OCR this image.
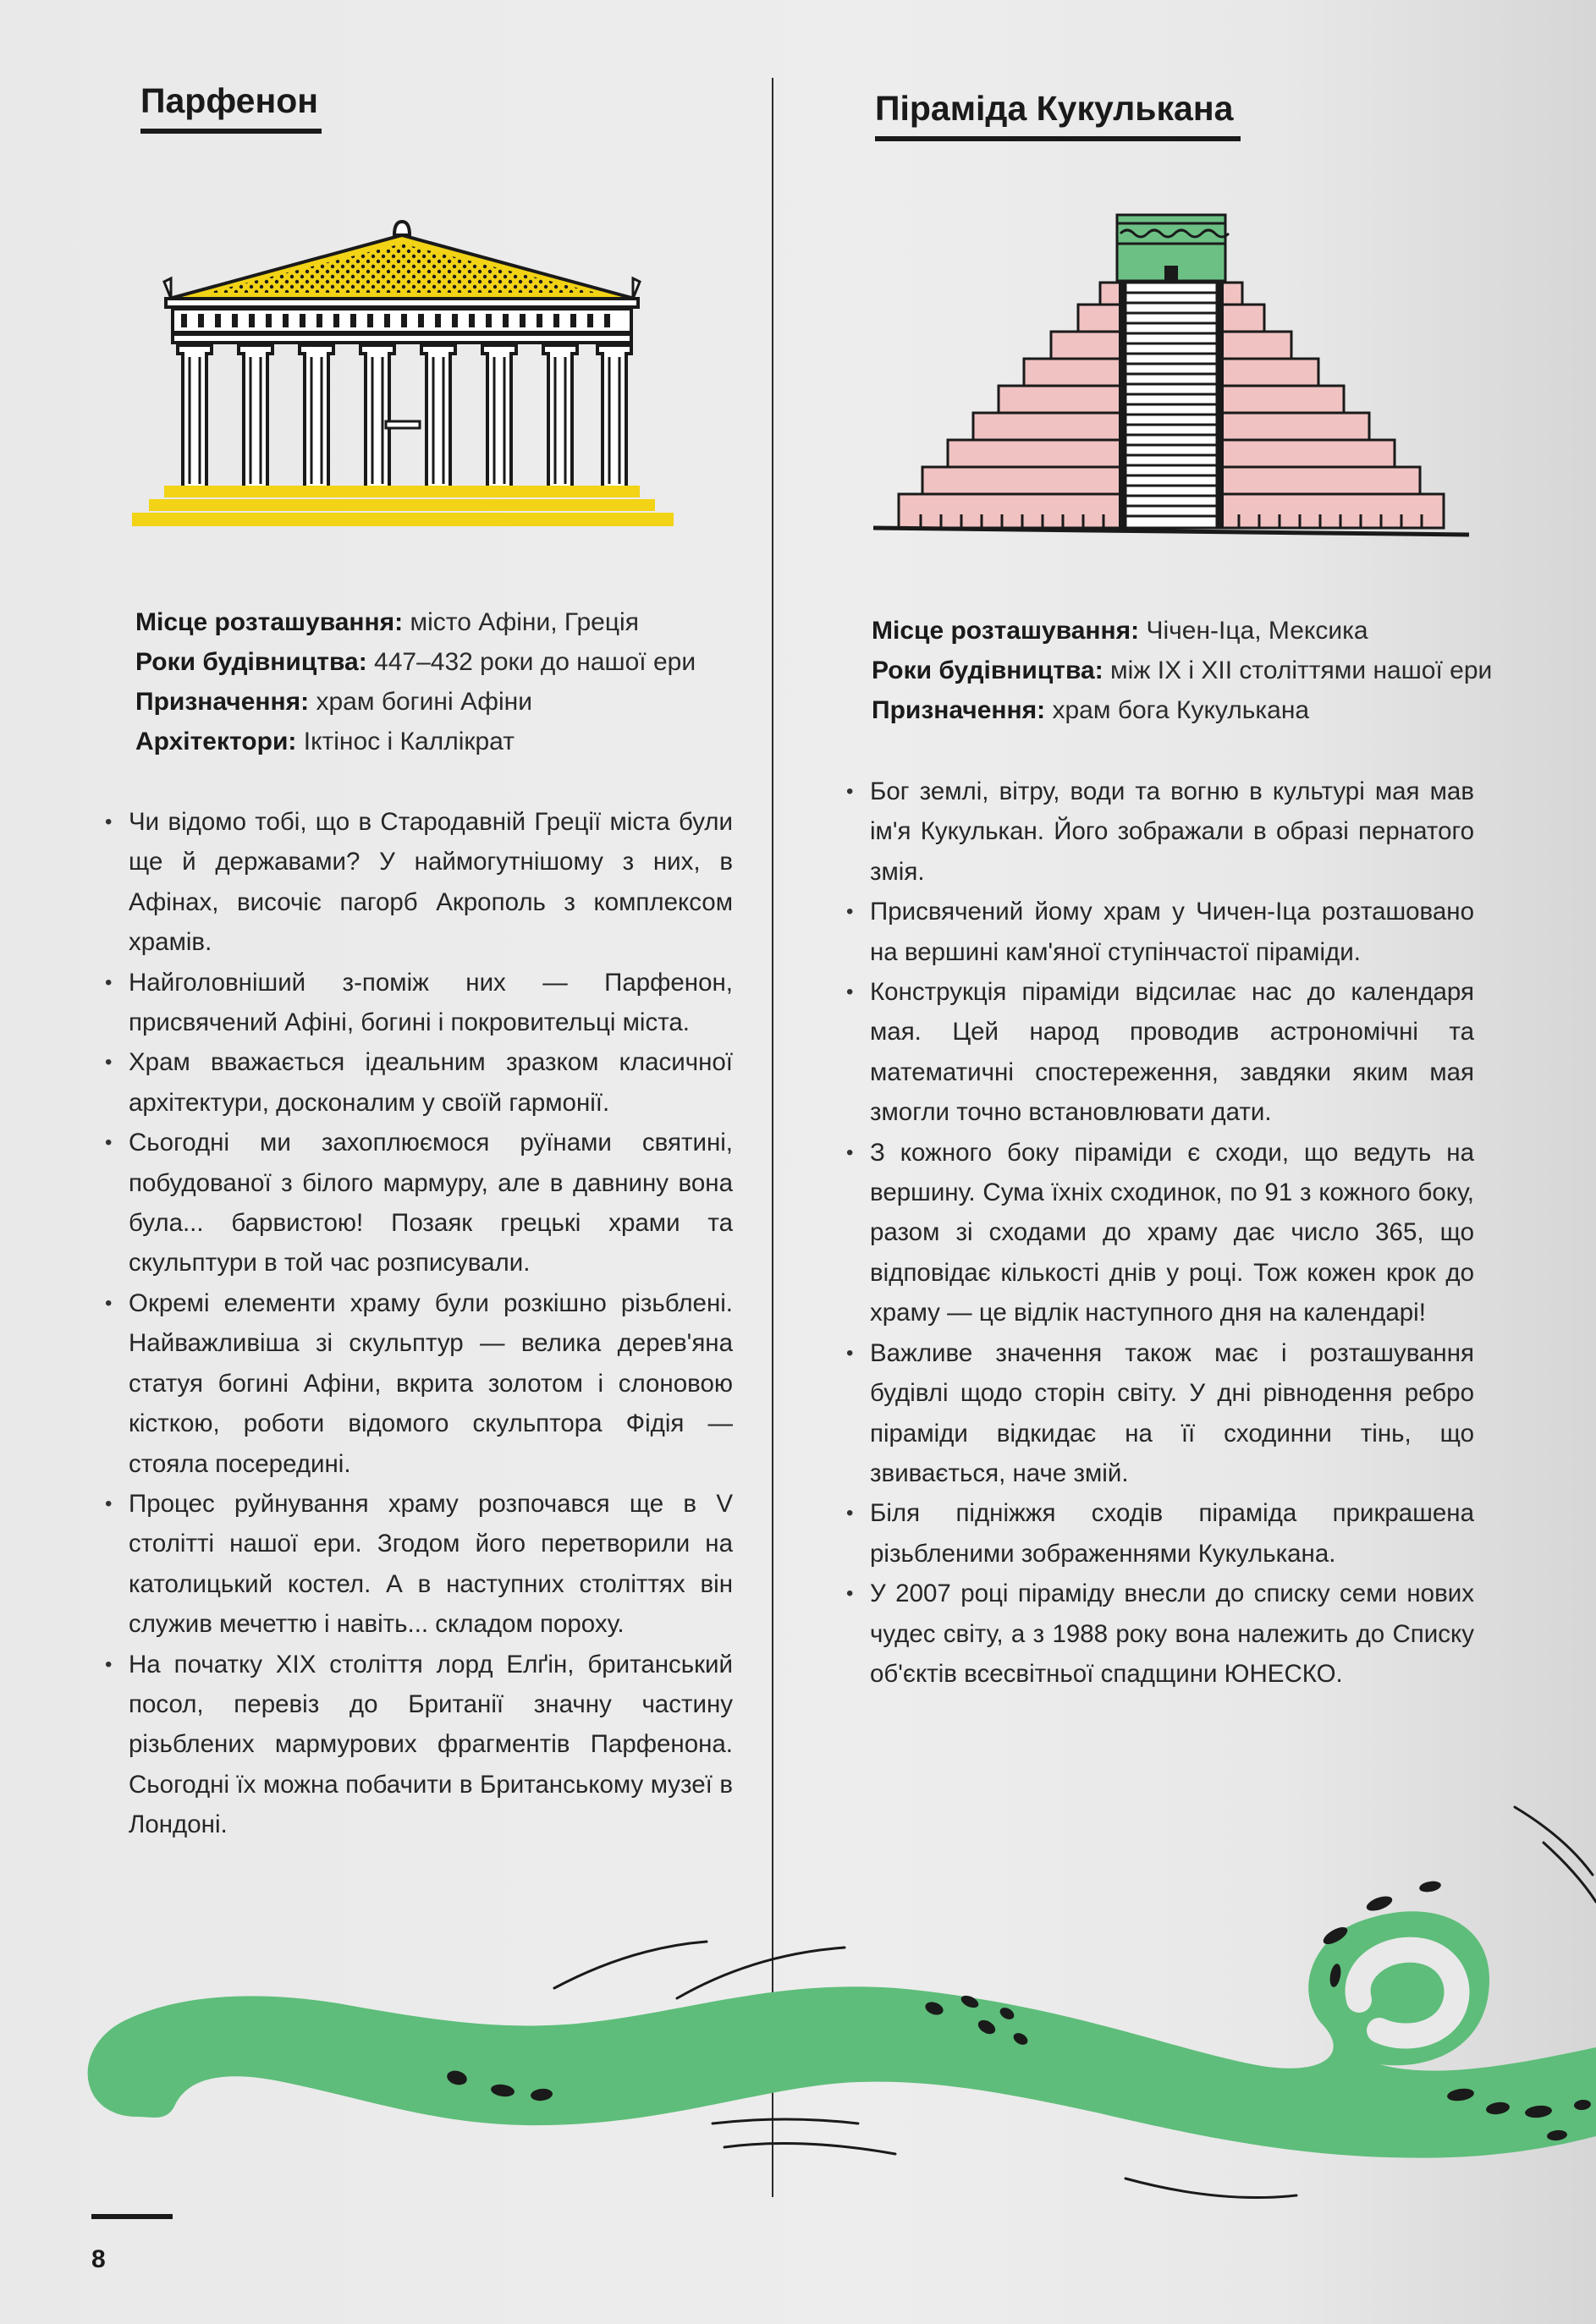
Парфенон
Місце розташування: місто Афіни, Греція
Роки будівництва: 447–432 роки до нашої ери
Призначення: храм богині Афіни
Архітектори: Іктінос і Каллікрат
• Чи відомо тобі, що в Стародавній Греції міста були ще й державами? У наймогутнішому з них, в Афінах, височіє пагорб Акрополь з комплексом храмів.
• Найголовніший з-поміж них — Парфенон, присвячений Афіні, богині і покровительці міста.
• Храм вважається ідеальним зразком класичної архітектури, досконалим у своїй гармонії.
• Сьогодні ми захоплюємося руїнами святині, побудованої з білого мармуру, але в давнину вона була... барвистою! Позаяк грецькі храми та скульптури в той час розписували.
• Окремі елементи храму були розкішно різьблені. Найважливіша зі скульптур — велика дерев'яна статуя богині Афіни, вкрита золотом і слоновою кісткою, роботи відомого скульптора Фідія — стояла посередині.
• Процес руйнування храму розпочався ще в V столітті нашої ери. Згодом його перетворили на католицький костел. А в наступних століттях він служив мечеттю і навіть... складом пороху.
• На початку XIX століття лорд Елґін, британський посол, перевіз до Британії значну частину різьблених мармурових фрагментів Парфенона. Сьогодні їх можна побачити в Британському музеї в Лондоні.
Піраміда Кукулькана
Місце розташування: Чічен-Іца, Мексика
Роки будівництва: між IX і XII століттями нашої ери
Призначення: храм бога Кукулькана
• Бог землі, вітру, води та вогню в культурі мая мав ім'я Кукулькан. Його зображали в образі пернатого змія.
• Присвячений йому храм у Чичен-Іца розташовано на вершині кам'яної ступінчастої піраміди.
• Конструкція піраміди відсилає нас до календаря мая. Цей народ проводив астрономічні та математичні спостереження, завдяки яким мая змогли точно встановлювати дати.
• З кожного боку піраміди є сходи, що ведуть на вершину. Сума їхніх сходинок, по 91 з кожного боку, разом зі сходами до храму дає число 365, що відповідає кількості днів у році. Тож кожен крок до храму — це відлік наступного дня на календарі!
• Важливе значення також має і розташування будівлі щодо сторін світу. У дні рівнодення ребро піраміди відкидає на її сходинни тінь, що звивається, наче змій.
• Біля підніжжя сходів піраміда прикрашена різьбленими зображеннями Кукулькана.
• У 2007 році піраміду внесли до списку семи нових чудес світу, а з 1988 року вона належить до Списку об'єктів всесвітньої спадщини ЮНЕСКО.
8
